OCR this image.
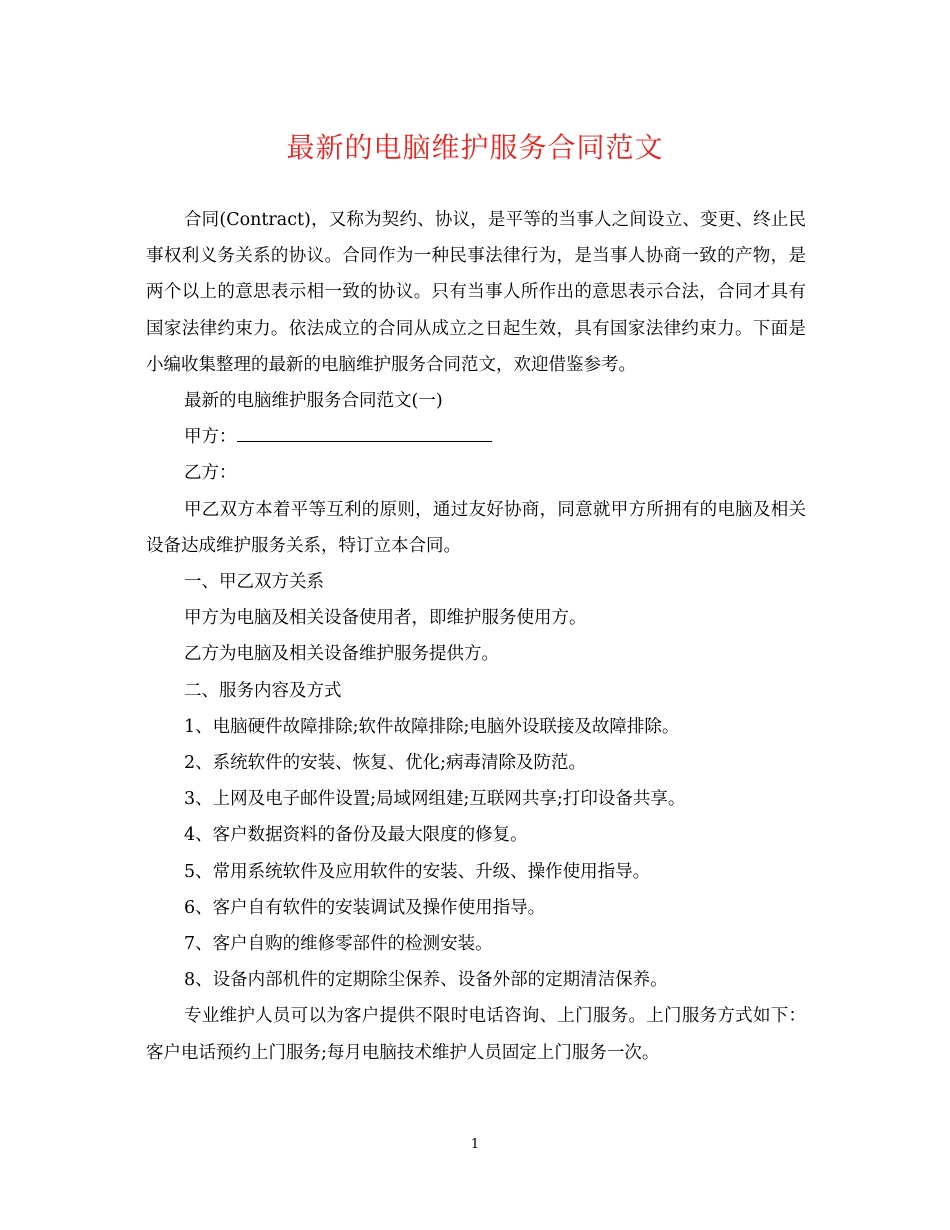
最新的电脑维护服务合同范文

合同(Contract)，又称为契约、协议，是平等的当事人之间设立、变更、终止民事权利义务关系的协议。合同作为一种民事法律行为，是当事人协商一致的产物，是两个以上的意思表示相一致的协议。只有当事人所作出的意思表示合法，合同才具有国家法律约束力。依法成立的合同从成立之日起生效，具有国家法律约束力。下面是小编收集整理的最新的电脑维护服务合同范文，欢迎借鉴参考。

最新的电脑维护服务合同范文(一)

甲方：

乙方：

甲乙双方本着平等互利的原则，通过友好协商，同意就甲方所拥有的电脑及相关设备达成维护服务关系，特订立本合同。

一、甲乙双方关系

甲方为电脑及相关设备使用者，即维护服务使用方。

乙方为电脑及相关设备维护服务提供方。

二、服务内容及方式

1、电脑硬件故障排除;软件故障排除;电脑外设联接及故障排除。

2、系统软件的安装、恢复、优化;病毒清除及防范。

3、上网及电子邮件设置;局域网组建;互联网共享;打印设备共享。

4、客户数据资料的备份及最大限度的修复。

5、常用系统软件及应用软件的安装、升级、操作使用指导。

6、客户自有软件的安装调试及操作使用指导。

7、客户自购的维修零部件的检测安装。

8、设备内部机件的定期除尘保养、设备外部的定期清洁保养。

专业维护人员可以为客户提供不限时电话咨询、上门服务。上门服务方式如下：客户电话预约上门服务;每月电脑技术维护人员固定上门服务一次。

1
